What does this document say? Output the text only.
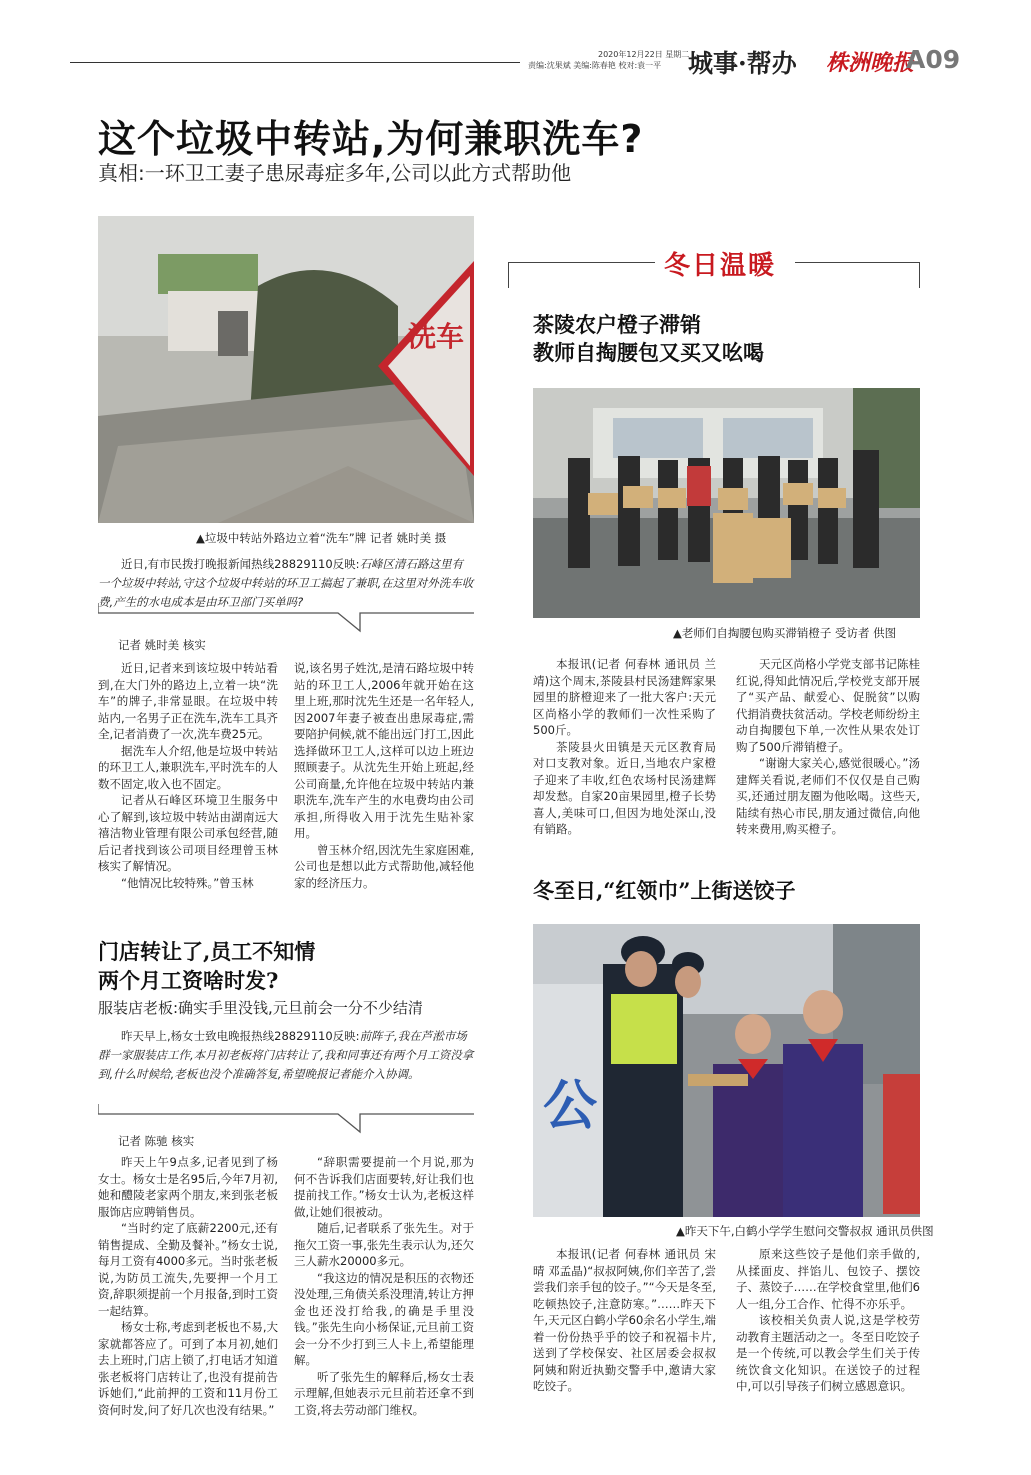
2020年12月22日 星期二
责编:沈果斌 美编:陈春艳 校对:袁一平 城事·帮办 株洲晚报
A09
这个垃圾中转站,为何兼职洗车?
真相:一环卫工妻子患尿毒症多年,公司以此方式帮助他
洗车
▲垃圾中转站外路边立着“洗车”牌 记者 姚时美 摄
近日,有市民拨打晚报新闻热线28829110反映:石峰区清石路这里有一个垃圾中转站,守这个垃圾中转站的环卫工搞起了兼职,在这里对外洗车收费,产生的水电成本是由环卫部门买单吗?
记者 姚时美 核实

近日,记者来到该垃圾中转站看到,在大门外的路边上,立着一块“洗车”的牌子,非常显眼。在垃圾中转站内,一名男子正在洗车,洗车工具齐全,记者消费了一次,洗车费25元。

据洗车人介绍,他是垃圾中转站的环卫工人,兼职洗车,平时洗车的人数不固定,收入也不固定。

记者从石峰区环境卫生服务中心了解到,该垃圾中转站由湖南远大禧洁物业管理有限公司承包经营,随后记者找到该公司项目经理曾玉林核实了解情况。

“他情况比较特殊。”曾玉林

说,该名男子姓沈,是清石路垃圾中转站的环卫工人,2006年就开始在这里上班,那时沈先生还是一名年轻人,因2007年妻子被查出患尿毒症,需要陪护伺候,就不能出远门打工,因此选择做环卫工人,这样可以边上班边照顾妻子。从沈先生开始上班起,经公司商量,允许他在垃圾中转站内兼职洗车,洗车产生的水电费均由公司承担,所得收入用于沈先生贴补家用。

曾玉林介绍,因沈先生家庭困难,公司也是想以此方式帮助他,减轻他家的经济压力。

门店转让了,员工不知情
两个月工资啥时发?
服装店老板:确实手里没钱,元旦前会一分不少结清
昨天早上,杨女士致电晚报热线28829110反映:前阵子,我在芦淞市场群一家服装店工作,本月初老板将门店转让了,我和同事还有两个月工资没拿到,什么时候给,老板也没个准确答复,希望晚报记者能介入协调。
记者 陈驰 核实

昨天上午9点多,记者见到了杨女士。杨女士是名95后,今年7月初,她和醴陵老家两个朋友,来到张老板服饰店应聘销售员。

“当时约定了底薪2200元,还有销售提成、全勤及餐补。”杨女士说,每月工资有4000多元。当时张老板说,为防员工流失,先要押一个月工资,辞职须提前一个月报备,到时工资一起结算。

杨女士称,考虑到老板也不易,大家就都答应了。可到了本月初,她们去上班时,门店上锁了,打电话才知道张老板将门店转让了,也没有提前告诉她们,“此前押的工资和11月份工资何时发,问了好几次也没有结果。”

“辞职需要提前一个月说,那为何不告诉我们店面要转,好让我们也提前找工作。”杨女士认为,老板这样做,让她们很被动。

随后,记者联系了张先生。对于拖欠工资一事,张先生表示认为,还欠三人薪水20000多元。

“我这边的情况是积压的衣物还没处理,三角债关系没理清,转让方押金也还没打给我,的确是手里没钱。”张先生向小杨保证,元旦前工资会一分不少打到三人卡上,希望能理解。

听了张先生的解释后,杨女士表示理解,但她表示元旦前若还拿不到工资,将去劳动部门维权。

冬日温暖
茶陵农户橙子滞销
教师自掏腰包又买又吆喝
▲老师们自掏腰包购买滞销橙子 受访者 供图

本报讯(记者 何春林 通讯员 兰靖)这个周末,茶陵县村民汤建辉家果园里的脐橙迎来了一批大客户:天元区尚格小学的教师们一次性采购了500斤。

茶陵县火田镇是天元区教育局对口支教对象。近日,当地农户家橙子迎来了丰收,红色农场村民汤建辉却发愁。自家20亩果园里,橙子长势喜人,美味可口,但因为地处深山,没有销路。

天元区尚格小学党支部书记陈桂红说,得知此情况后,学校党支部开展了“买产品、献爱心、促脱贫”以购代捐消费扶贫活动。学校老师纷纷主动自掏腰包下单,一次性从果农处订购了500斤滞销橙子。

“谢谢大家关心,感觉很暖心。”汤建辉关看说,老师们不仅仅是自己购买,还通过朋友圈为他吆喝。这些天,陆续有热心市民,朋友通过微信,向他转来费用,购买橙子。

冬至日,“红领巾”上街送饺子
公
▲昨天下午,白鹤小学学生慰问交警叔叔 通讯员供图

本报讯(记者 何春林 通讯员 宋晴 邓孟晶)“叔叔阿姨,你们辛苦了,尝尝我们亲手包的饺子。”“今天是冬至,吃顿热饺子,注意防寒。”……昨天下午,天元区白鹤小学60余名小学生,端着一份份热乎乎的饺子和祝福卡片,送到了学校保安、社区居委会叔叔阿姨和附近执勤交警手中,邀请大家吃饺子。

原来这些饺子是他们亲手做的,从揉面皮、拌馅儿、包饺子、摆饺子、蒸饺子……在学校食堂里,他们6人一组,分工合作、忙得不亦乐乎。

该校相关负责人说,这是学校劳动教育主题活动之一。冬至日吃饺子是一个传统,可以教会学生们关于传统饮食文化知识。在送饺子的过程中,可以引导孩子们树立感恩意识。
